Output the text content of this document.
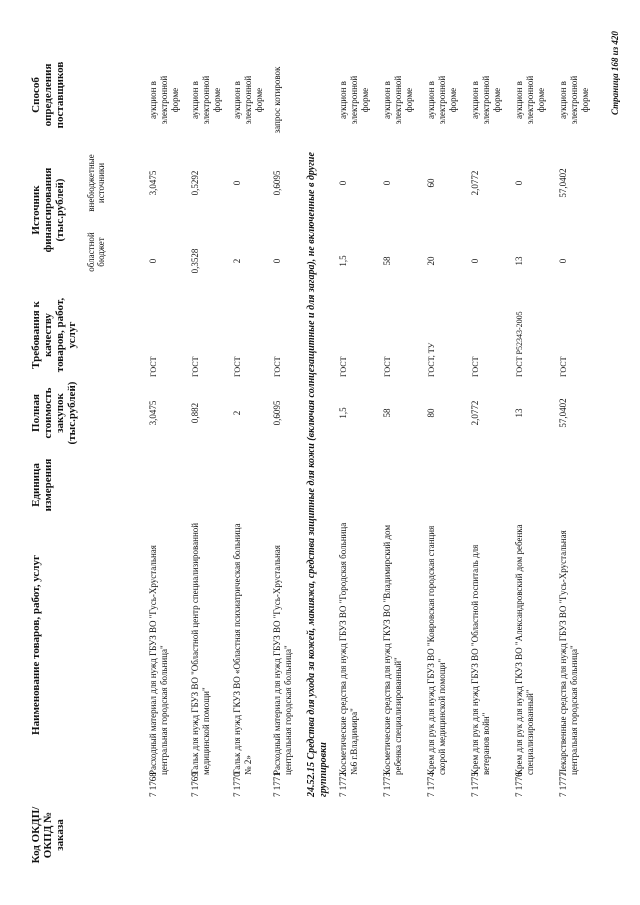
Код ОКДП/ ОКПД № заказа
Наименование товаров, работ, услуг
Единица измерения
Полная стоимость закупок (тыс.рублей)
Требования к качеству товаров, работ, услуг
Источник финансирования (тыс.рублей)
областной бюджет
внебюджетные источники
Способ определения поставщиков
7 1768
Расходный материал для нужд ГБУЗ ВО "Гусь-Хрустальная центральная городская больница"
3,0475
ГОСТ
0
3,0475
аукцион в электронной форме
7 1769
Тальк для нужд ГБУЗ ВО "Областной центр специализированной медицинской помощи"
0,882
ГОСТ
0,3528
0,5292
аукцион в электронной форме
7 1770
Тальк для нужд ГКУЗ ВО «Областная психиатрическая больница № 2»
2
ГОСТ
2
0
аукцион в электронной форме
7 1771
Расходный материал для нужд ГБУЗ ВО "Гусь-Хрустальная центральная городская больница"
0,6095
ГОСТ
0
0,6095
запрос котировок
24.52.15 Средства для ухода за кожей, макияжа, средства защитные для кожи (включая солнцезащитные и для загара), не включенные в другие группировки 7 1772
Косметические средства для нужд ГБУЗ ВО "Городская больница №6 г.Владимира"
1,5
ГОСТ
1,5
0
аукцион в электронной форме
7 1773
Косметические средства для нужд ГКУЗ ВО "Владимирский дом ребенка специализированный"
58
ГОСТ
58
0
аукцион в электронной форме
7 1774
Крем для рук для нужд ГБУЗ ВО "Ковровская городская станция скорой медицинской помощи"
80
ГОСТ, ТУ
20
60
аукцион в электронной форме
7 1775
Крем для рук для нужд ГБУЗ ВО "Областной госпиталь для ветеранов войн"
2,0772
ГОСТ
0
2,0772
аукцион в электронной форме
7 1776
Крем для рук для нужд ГКУЗ ВО "Александровский дом ребенка специализированный"
13
ГОСТ Р52343-2005
13
0
аукцион в электронной форме
7 1777
Лекарственные средства для нужд ГБУЗ ВО "Гусь-Хрустальная центральная городская больница"
57,0402
ГОСТ
0
57,0402
аукцион в электронной форме Страница 168 из 420
